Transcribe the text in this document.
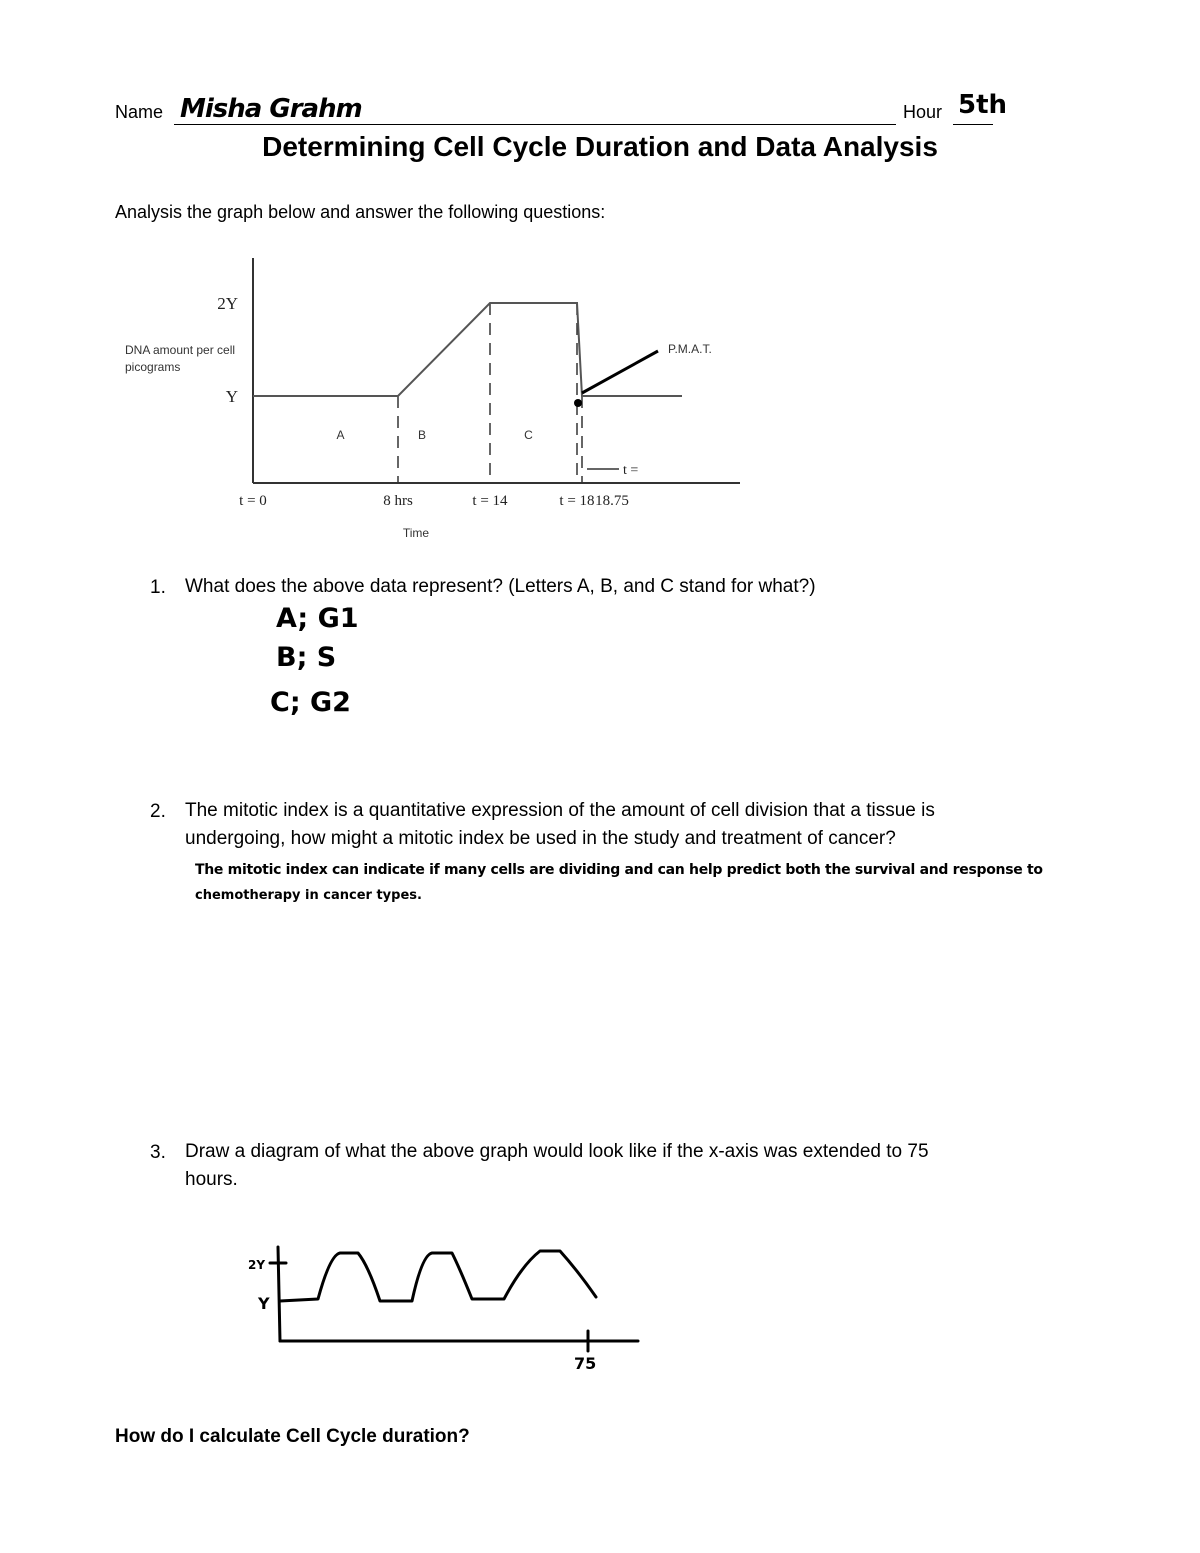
Name Misha Grahm	Hour 5th
Determining Cell Cycle Duration and Data Analysis
Analysis the graph below and answer the following questions:
Y
2Y
DNA amount per cell
picograms
t = 0	8 hrs	t = 14	t = 18 18.75
Time
A	B	C
P.M.A.T.
t =
1. What does the above data represent? (Letters A, B, and C stand for what?)
A; G1
B; S
C; G2
2. The mitotic index is a quantitative expression of the amount of cell division that a tissue is
undergoing, how might a mitotic index be used in the study and treatment of cancer?
The mitotic index can indicate if many cells are dividing and can help predict both the survival and response to
chemotherapy in cancer types.
3. Draw a diagram of what the above graph would look like if the x-axis was extended to 75
hours.
2Y
Y
75
How do I calculate Cell Cycle duration?
